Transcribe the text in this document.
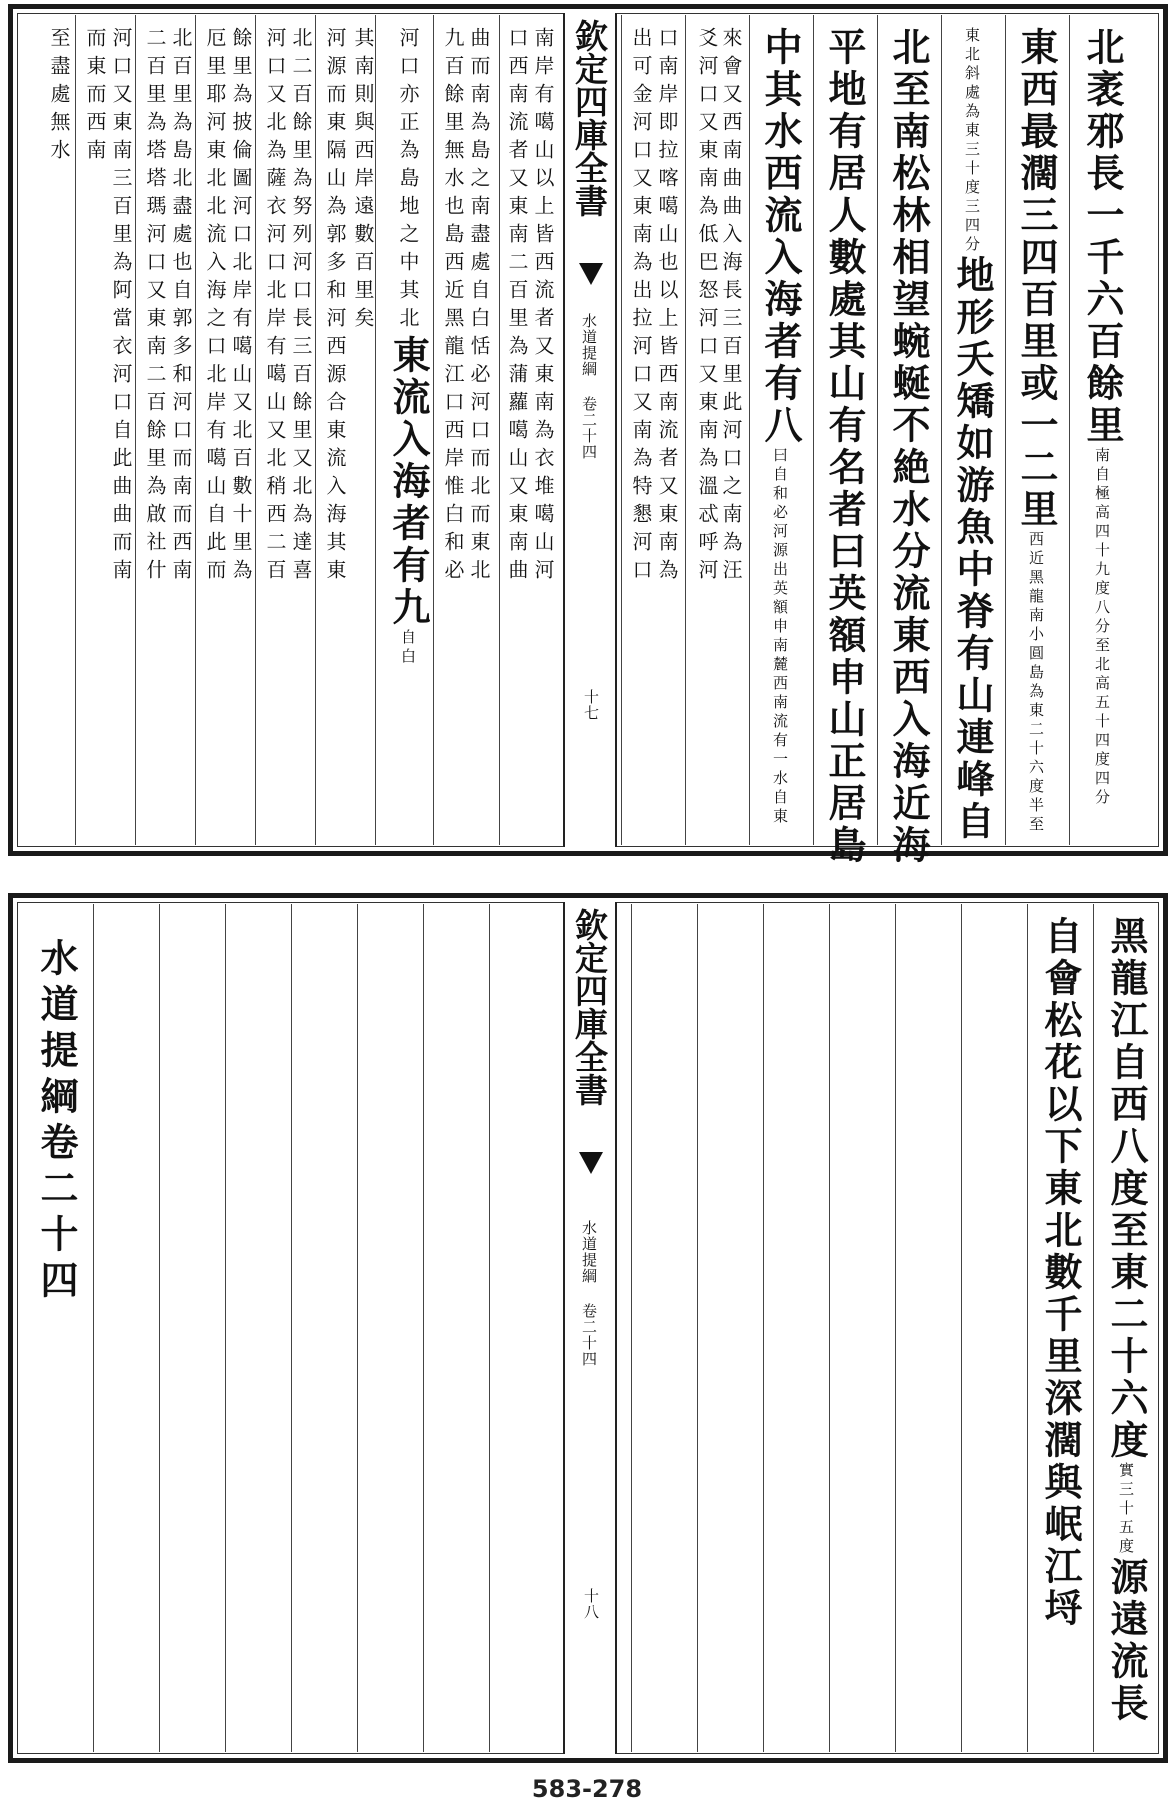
欽定四庫全書
水道提綱 卷二十四
十七
北袤邪長一千六百餘里南自極高四十九度八分至北高五十四度四分
東西最濶三四百里或一二里西近黑龍南小圓島為東二十六度半至
東北斜處為東三十度三四分地形夭矯如游魚中脊有山連峰自
北至南松林相望蜿蜒不絶水分流東西入海近海
平地有居人數處其山有名者曰英額申山正居島
中其水西流入海者有八曰自和必河源出英額申南麓西南流有一水自東
來會又西南曲曲入海長三百里此河口之南為汪
爻河口又東南為低巴怒河口又東南為溫忒呼河
口南岸即拉喀噶山也以上皆西南流者又東南為
出可金河口又東南為出拉河口又南為特懇河口
南岸有噶山以上皆西流者又東南為衣堆噶山河
口西南流者又東南二百里為蒲蘿噶山又東南曲
曲而南為島之南盡處自白恬必河口而北而東北
九百餘里無水也島西近黑龍江口西岸惟白和必
河口亦正為島地之中其北東流入海者有九自白
其南則與西岸遠數百里矣
河源而東隔山為郭多和河西源合東流入海其東
北二百餘里為努列河口長三百餘里又北為達喜
河口又北為薩衣河口北岸有噶山又北稍西二百
餘里為披倫圖河口北岸有噶山又北百數十里為
厄里耶河東北北流入海之口北岸有噶山自此而
北百里為島北盡處也自郭多和河口而南而西南
二百里為塔塔瑪河口又東南二百餘里為啟社什
河口又東南三百里為阿當衣河口自此曲曲而南
而東而西南
至盡處無水
欽定四庫全書
水道提綱 卷二十四
十八
黑龍江自西八度至東二十六度實三十五度源遠流長
自會松花以下東北數千里深濶與岷江埒
水道提綱卷二十四
583-278
